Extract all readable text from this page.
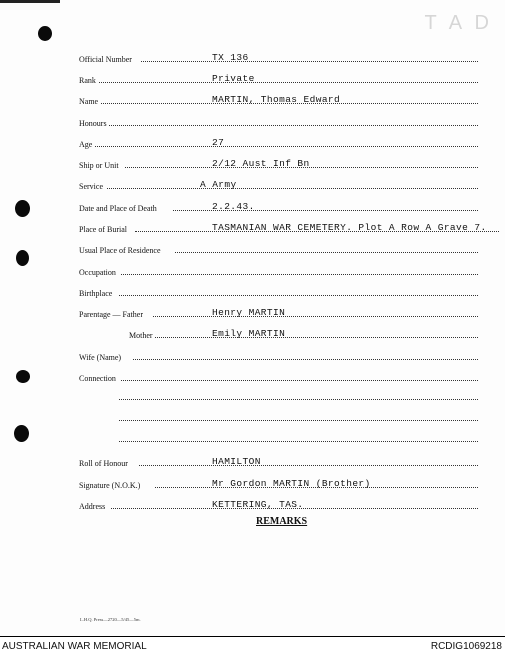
T A D
Official Number	TX 136
Rank	Private
Name	MARTIN, Thomas Edward
Honours
Age	27
Ship or Unit	2/12 Aust Inf Bn
Service	A Army
Date and Place of Death	2.2.43.
Place of Burial	TASMANIAN WAR CEMETERY. Plot A Row A Grave 7.
Usual Place of Residence
Occupation
Birthplace
Parentage — Father	Henry MARTIN
Mother	Emily MARTIN
Wife (Name)
Connection
Roll of Honour	HAMILTON
Signature (N.O.K.)	Mr Gordon MARTIN (Brother)
Address	KETTERING, TAS.
REMARKS
L.H.Q. Press—2720—5/45—5m.
AUSTRALIAN WAR MEMORIAL	RCDIG1069218
